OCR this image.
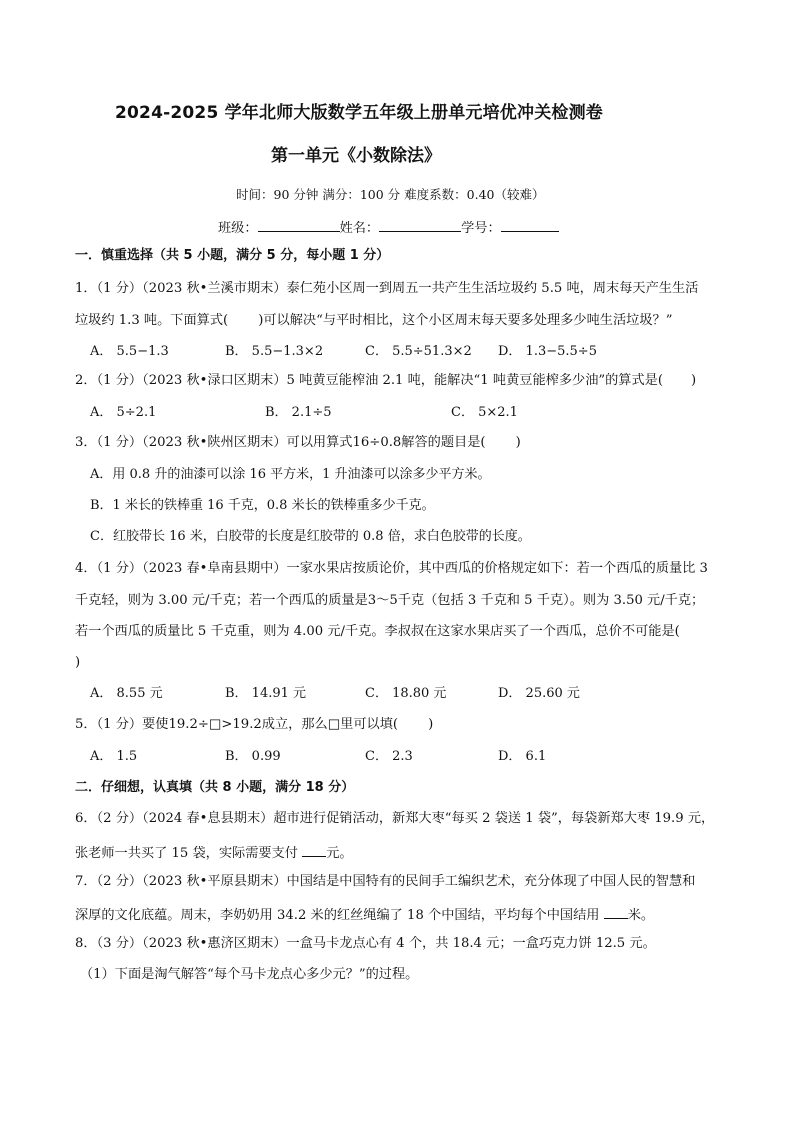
2024-2025 学年北师大版数学五年级上册单元培优冲关检测卷
第一单元《小数除法》
时间：90 分钟 满分：100 分 难度系数：0.40（较难）
班级：	姓名：	学号：
一．慎重选择（共 5 小题，满分 5 分，每小题 1 分）
1．（1 分）（2023 秋•兰溪市期末）泰仁苑小区周一到周五一共产生生活垃圾约 5.5 吨，周末每天产生生活
垃圾约 1.3 吨。下面算式( )可以解决“与平时相比，这个小区周末每天要多处理多少吨生活垃圾？”
A． 5.5−1.3	B． 5.5−1.3×2	C． 5.5÷51.3×2 D． 1.3−5.5÷5
2．（1 分）（2023 秋•渌口区期末）5 吨黄豆能榨油 2.1 吨，能解决“1 吨黄豆能榨多少油”的算式是( )
A． 5÷2.1	B． 2.1÷5	C． 5×2.1
3．（1 分）（2023 秋•陕州区期末）可以用算式16÷0.8解答的题目是( )
A．用 0.8 升的油漆可以涂 16 平方米，1 升油漆可以涂多少平方米。
B．1 米长的铁棒重 16 千克，0.8 米长的铁棒重多少千克。
C．红胶带长 16 米，白胶带的长度是红胶带的 0.8 倍，求白色胶带的长度。
4．（1 分）（2023 春•阜南县期中）一家水果店按质论价，其中西瓜的价格规定如下：若一个西瓜的质量比 3
千克轻，则为 3.00 元/千克；若一个西瓜的质量是3～5千克（包括 3 千克和 5 千克）。则为 3.50 元/千克；
若一个西瓜的质量比 5 千克重，则为 4.00 元/千克。李叔叔在这家水果店买了一个西瓜，总价不可能是(
)
A． 8.55 元	B． 14.91 元	C． 18.80 元	D． 25.60 元
5．（1 分）要使19.2÷□>19.2成立，那么□里可以填( )
A． 1.5	B． 0.99	C． 2.3	D． 6.1
二．仔细想，认真填（共 8 小题，满分 18 分）
6．（2 分）（2024 春•息县期末）超市进行促销活动，新郑大枣“每买 2 袋送 1 袋”，每袋新郑大枣 19.9 元，
张老师一共买了 15 袋，实际需要支付 元。
7．（2 分）（2023 秋•平原县期末）中国结是中国特有的民间手工编织艺术，充分体现了中国人民的智慧和
深厚的文化底蕴。周末，李奶奶用 34.2 米的红丝绳编了 18 个中国结，平均每个中国结用 米。
8．（3 分）（2023 秋•惠济区期末）一盒马卡龙点心有 4 个，共 18.4 元；一盒巧克力饼 12.5 元。
（1）下面是淘气解答“每个马卡龙点心多少元？”的过程。
